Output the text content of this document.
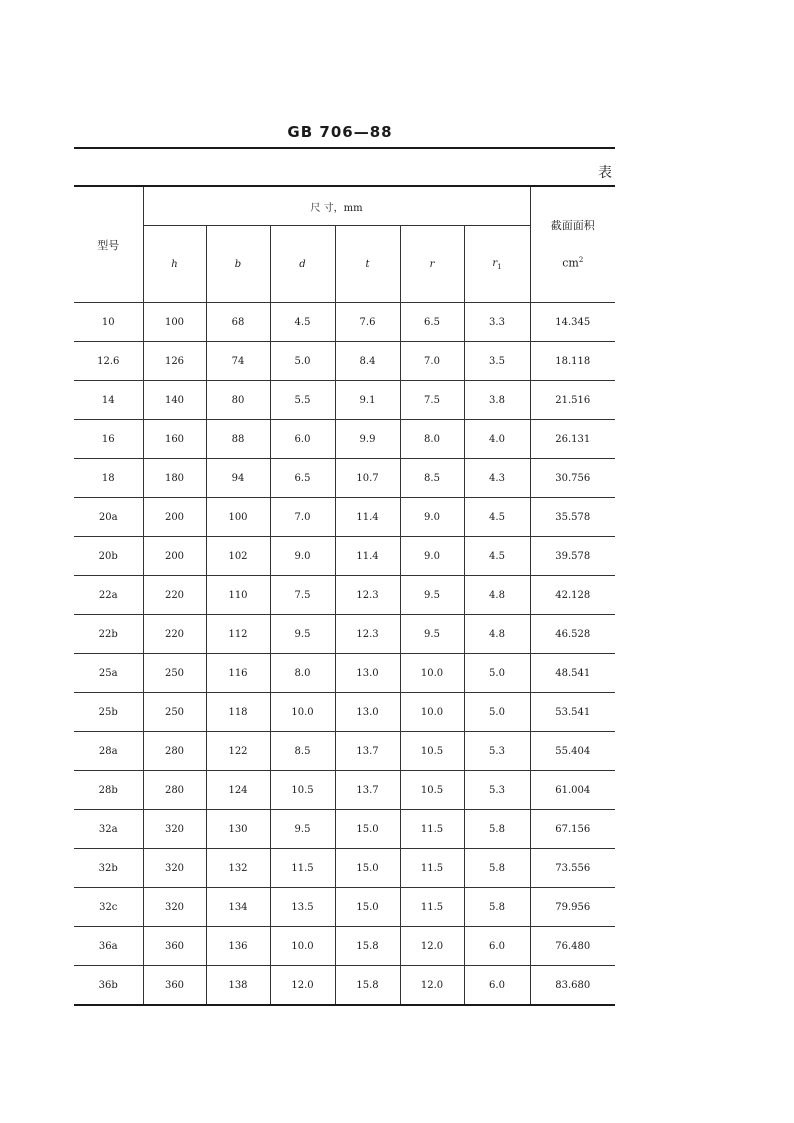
GB 706—88
表
型号	尺 寸，mm						截面面积
$cm^2$

	h	b	d	t	r	$r_1$
10	100	68	4.5	7.6	6.5	3.3	14.345
12.6	126	74	5.0	8.4	7.0	3.5	18.118
14	140	80	5.5	9.1	7.5	3.8	21.516
16	160	88	6.0	9.9	8.0	4.0	26.131
18	180	94	6.5	10.7	8.5	4.3	30.756
20a	200	100	7.0	11.4	9.0	4.5	35.578
20b	200	102	9.0	11.4	9.0	4.5	39.578
22a	220	110	7.5	12.3	9.5	4.8	42.128
22b	220	112	9.5	12.3	9.5	4.8	46.528
25a	250	116	8.0	13.0	10.0	5.0	48.541
25b	250	118	10.0	13.0	10.0	5.0	53.541
28a	280	122	8.5	13.7	10.5	5.3	55.404
28b	280	124	10.5	13.7	10.5	5.3	61.004
32a	320	130	9.5	15.0	11.5	5.8	67.156
32b	320	132	11.5	15.0	11.5	5.8	73.556
32c	320	134	13.5	15.0	11.5	5.8	79.956
36a	360	136	10.0	15.8	12.0	6.0	76.480
36b	360	138	12.0	15.8	12.0	6.0	83.680
